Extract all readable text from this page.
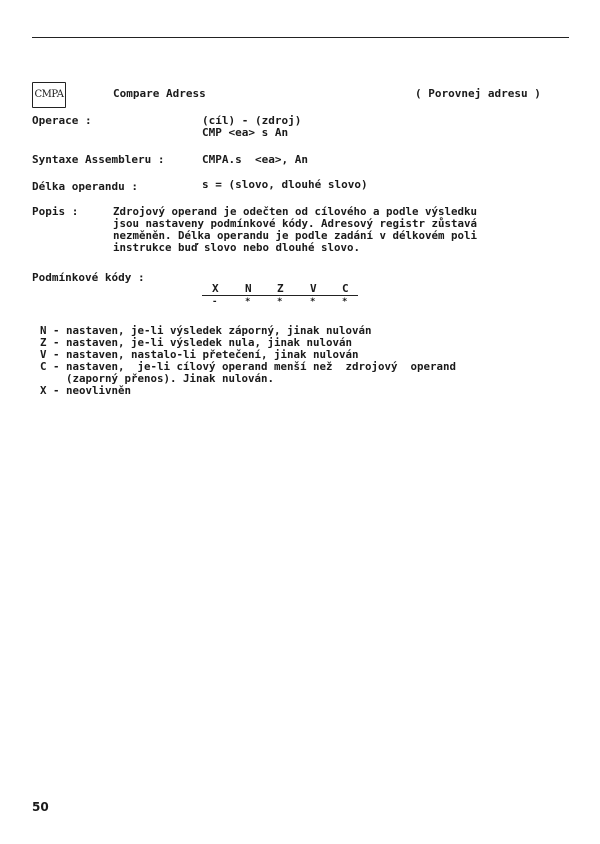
CMPA	Compare Adress	( Porovnej adresu )
Operace :	(cíl) - (zdroj)
CMP <ea> s An
Syntaxe Assembleru :	CMPA.s  <ea>, An
Délka operandu :	s = (slovo, dlouhé slovo)
Popis :	Zdrojový operand je odečten od cílového a podle výsledku
jsou nastaveny podmínkové kódy. Adresový registr zůstavá
nezměněn. Délka operandu je podle zadání v délkovém poli
instrukce buď slovo nebo dlouhé slovo.
Podmínkové kódy :
X N Z V C
-	*	*	*	*
N - nastaven, je-li výsledek záporný, jinak nulován
Z - nastaven, je-li výsledek nula, jinak nulován
V - nastaven, nastalo-li přetečení, jinak nulován
C - nastaven,  je-li cílový operand menší než  zdrojový  operand
(zaporný přenos). Jinak nulován.
X - neovlivněn
50
